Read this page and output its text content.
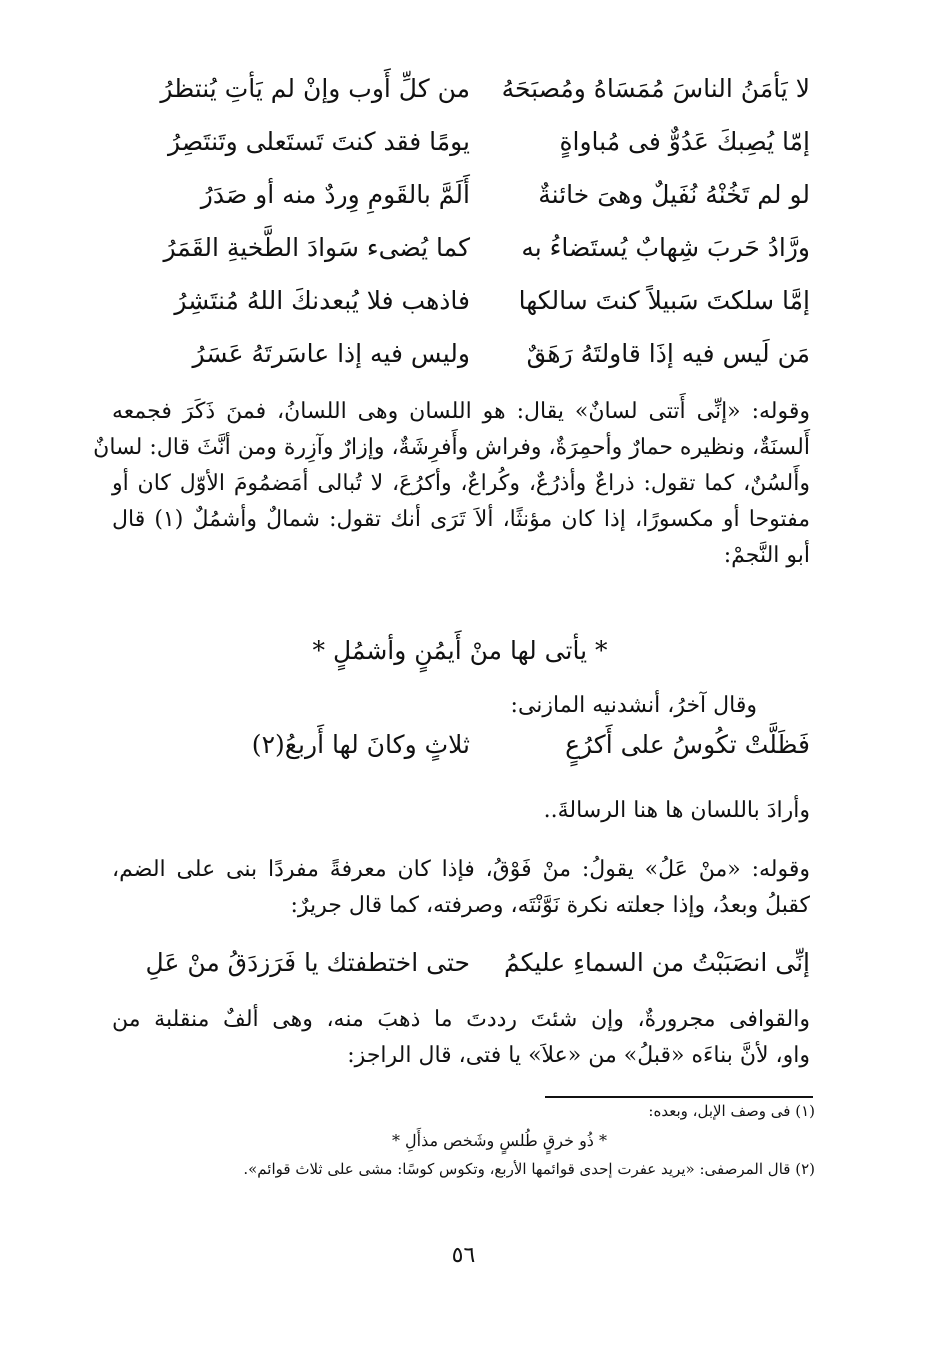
لا يَأمَنُ الناسَ مُمَسَاهُ ومُصبَحَهُ
من كلِّ أَوب وإنْ لم يَأتِ يُنتظرُ
إمّا يُصِبكَ عَدُوٌّ فى مُباواةٍ
يومًا فقد كنتَ تَستَعلى وتَنتَصِرُ
لو لم تَخُنْهُ نُفَيلٌ وهىَ خائنةٌ
أَلَمَّ بالقَومِ وِردٌ منه أو صَدَرُ
ورَّادُ حَربَ شِهابٌ يُستَضاءُ به
كما يُضىء سَوادَ الطَّخيةِ القَمَرُ
إمَّا سلكتَ سَبيلاً كنتَ سالكها
فاذهب فلا يُبعدنكَ اللهُ مُنتَشِرُ
مَن لَيس فيه إذَا قاولتَهُ رَهَقٌ
وليس فيه إذا عاسَرتَهُ عَسَرُ
وقوله: «إنِّى أَتتى لسانٌ» يقال: هو اللسان وهى اللسانُ، فمنَ ذَكَرَ فجمعه
أَلسنَةٌ، ونظيره حمارٌ وأحمِرَةٌ، وفراش وأَفرِشَةٌ، وإزارٌ وآزِرة ومن أنَّثَ قال: لسانٌ
وأَلسُنٌ، كما تقول: ذراعٌ وأذرُعٌ، وكُراعٌ، وأكرُعَ، لا تُبالى أمَضمُومَ الأوّل كان أو
مفتوحا أو مكسورًا، إذا كان مؤنثًا، ألاَ تَرَى أنك تقول: شمالٌ وأشمُلٌ (١) قال
أبو النَّجمْ:
* يأتى لها منْ أَيمُنٍ وأشمُلٍ *
وقال آخرُ، أنشدنيه المازنى:
فَظَلَّتْ تكُوسُ على أَكرُعٍ
ثلاثٍ وكانَ لها أَربعُ(٢)
وأرادَ باللسان ها هنا الرسالةَ..
وقوله: «منْ عَلُ» يقولُ: منْ فَوْقُ، فإذا كان معرفةً مفردًا بنى على الضم،
كقبلُ وبعدُ، وإذا جعلته نكرة نَوَّنْتَه، وصرفته، كما قال جريرٌ:
إنِّى انصَبَبْتُ من السماءِ عليكمُ
حتى اختطفتك يا فَرَزدَقُ منْ عَلِ
والقوافى مجرورةٌ، وإن شئتَ رددتَ ما ذهبَ منه، وهى ألفٌ منقلبة من
واو، لأنَّ بناءَه «قبلُ» من «علاَ» يا فتى، قال الراجز:
(١) فى وصف الإبل، وبعده:
* ذُو خرقٍ طُلسٍ وشَخص مذأَلِ *
(٢) قال المرصفى: «يريد عفرت إحدى قوائمها الأربع، وتكوس كوسًا: مشى على ثلاث قوائم».
٥٦
